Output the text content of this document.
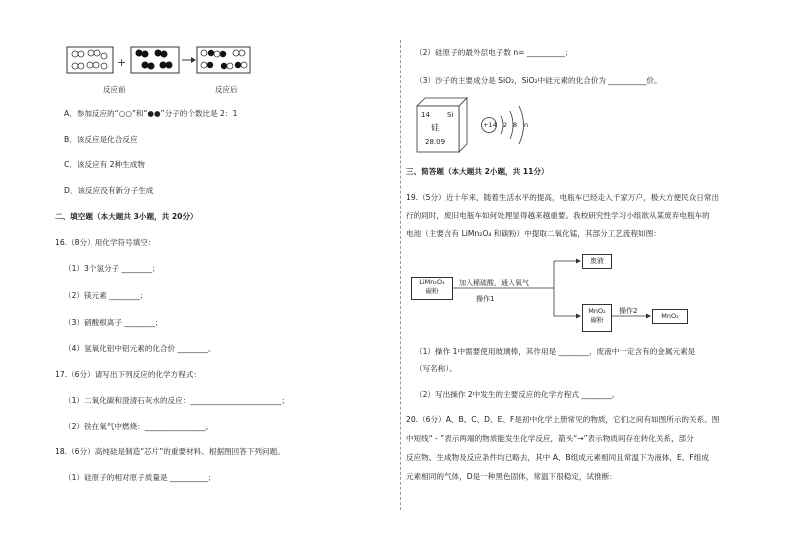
+
反应前	反应后
A．参加反应的“○○”和“●●”分子的个数比是 2：1
B．该反应是化合反应
C．该反应有 2种生成物
D．该反应没有新分子生成
二、填空题（本大题共 3小题，共 20分）
16.（8分）用化学符号填空：
（1）3个氢分子 ________；
（2）镁元素 ________；
（3）硝酸根离子 ________；
（4）氢氧化铝中铝元素的化合价 ________。
17.（6分）请写出下列反应的化学方程式：
（1）二氧化碳和澄清石灰水的反应：________________________；
（2）铁在氧气中燃烧：________________。
18.（6分）高纯硅是制造“芯片”的重要材料。根据图回答下列问题。
（1）硅原子的相对原子质量是 __________；
（2）硅原子的最外层电子数 n= __________；
（3）沙子的主要成分是 SiO₂，SiO₂中硅元素的化合价为 __________价。
14 Si
硅
28.09
+14 2 8 n
三、简答题（本大题共 2小题，共 11分）
19.（5分）近十年来，随着生活水平的提高，电瓶车已经走入千家万户，极大方便民众日常出
行的同时，废旧电瓶车如何处理显得越来越重要。我校研究性学习小组欲从某废弃电瓶车的
电池（主要含有 LiMn₂O₄ 和碳粉）中提取二氧化锰，其部分工艺流程如图：
LiMn₂O₄
碳粉
加入稀硫酸，通入氧气
操作1
废液
MnO₂
碳粉
操作2
MnO₂
（1）操作 1中需要使用玻璃棒，其作用是 ________，废液中一定含有的金属元素是
（写名称）。
（2）写出操作 2中发生的主要反应的化学方程式 ________。
20.（6分）A、B、C、D、E、F是初中化学上册常见的物质，它们之间有如图所示的关系。图
中短线“ - ”表示两端的物质能发生化学反应，箭头“→”表示物质间存在转化关系，部分
反应物、生成物及反应条件均已略去，其中 A、B组成元素相同且常温下为液体，E、F组成
元素相同的气体，D是一种黑色固体，常温下很稳定，试推断：
